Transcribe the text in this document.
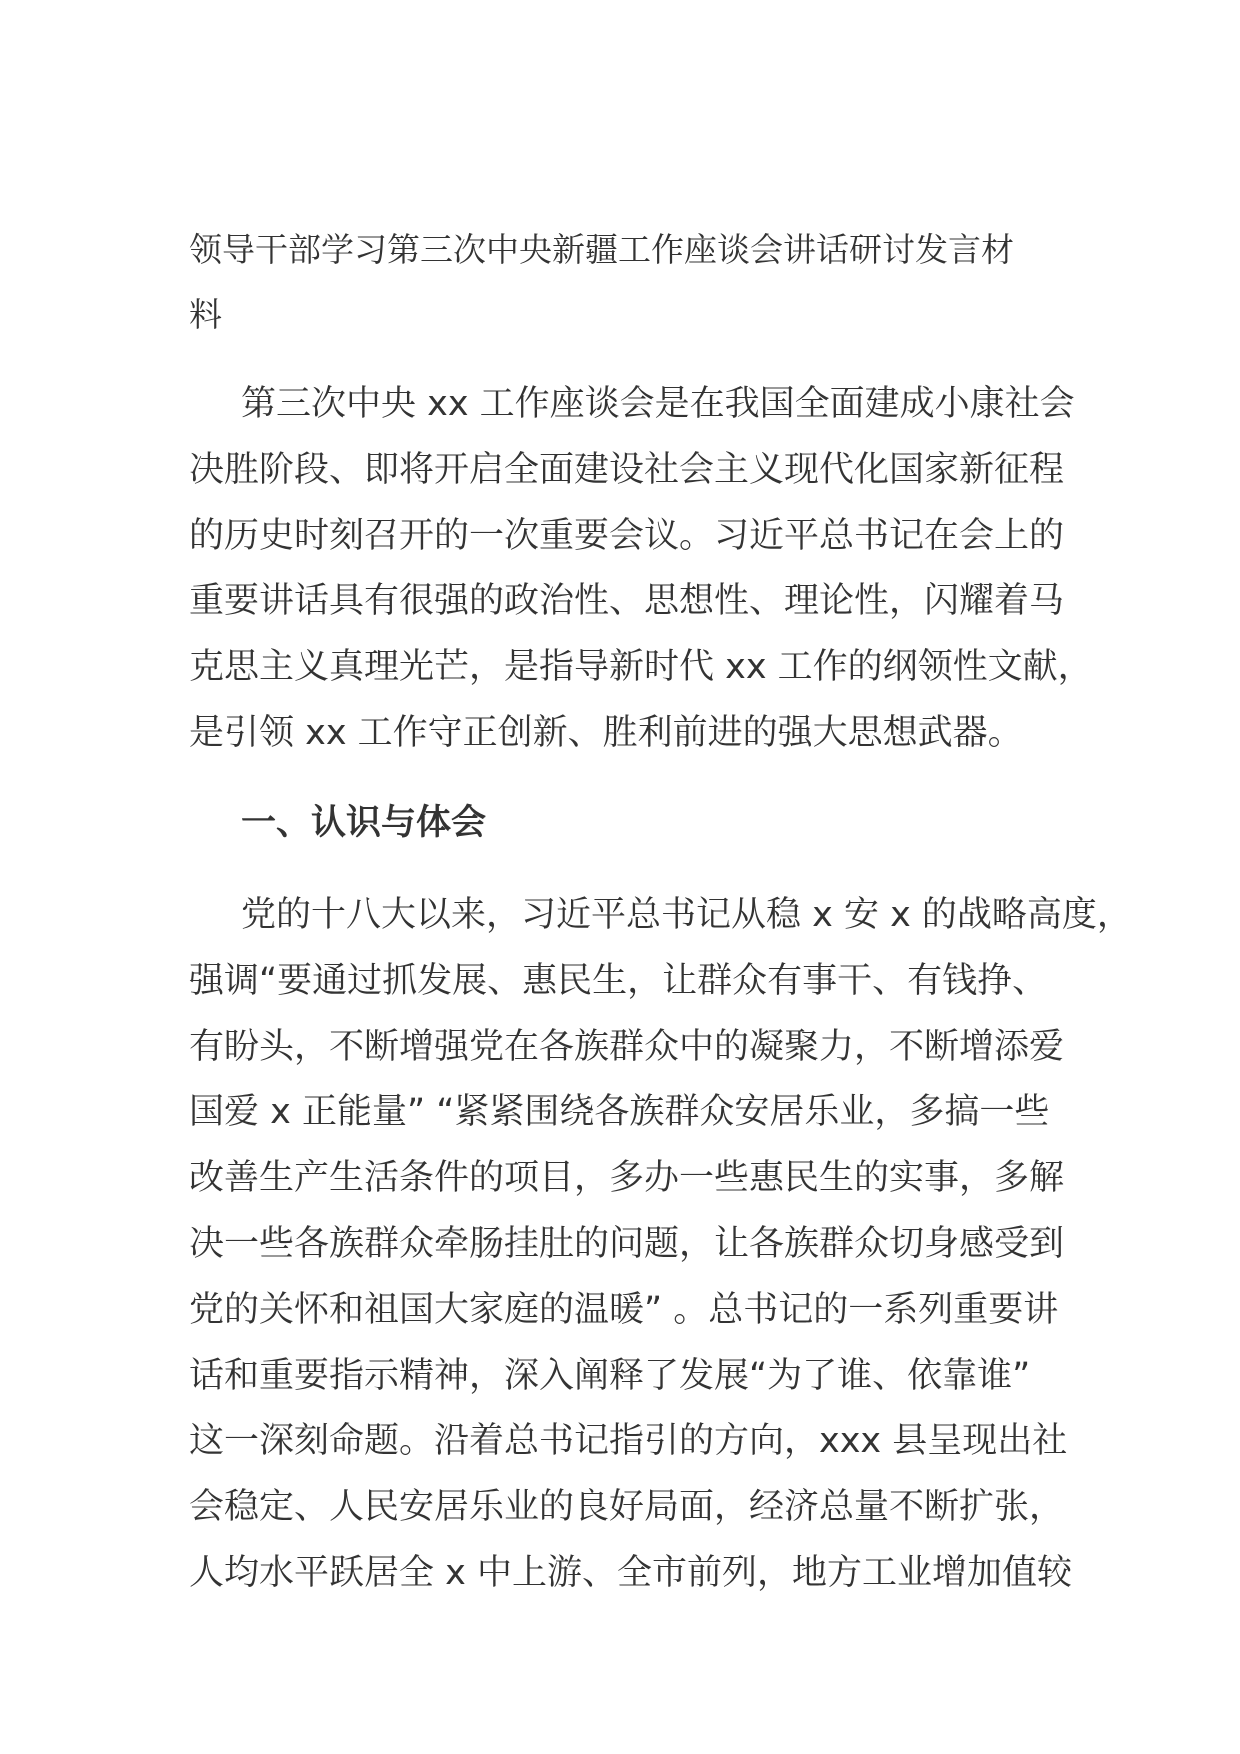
领导干部学习第三次中央新疆工作座谈会讲话研讨发言材
料
第三次中央 xx 工作座谈会是在我国全面建成小康社会
决胜阶段、即将开启全面建设社会主义现代化国家新征程
的历史时刻召开的一次重要会议。习近平总书记在会上的
重要讲话具有很强的政治性、思想性、理论性，闪耀着马
克思主义真理光芒，是指导新时代 xx 工作的纲领性文献，
是引领 xx 工作守正创新、胜利前进的强大思想武器。
一、认识与体会
党的十八大以来，习近平总书记从稳 x 安 x 的战略高度，
强调“要通过抓发展、惠民生，让群众有事干、有钱挣、
有盼头，不断增强党在各族群众中的凝聚力，不断增添爱
国爱 x 正能量” “紧紧围绕各族群众安居乐业，多搞一些
改善生产生活条件的项目，多办一些惠民生的实事，多解
决一些各族群众牵肠挂肚的问题，让各族群众切身感受到
党的关怀和祖国大家庭的温暖” 。总书记的一系列重要讲
话和重要指示精神，深入阐释了发展“为了谁、依靠谁”
这一深刻命题。沿着总书记指引的方向，xxx 县呈现出社
会稳定、人民安居乐业的良好局面，经济总量不断扩张，
人均水平跃居全 x 中上游、全市前列，地方工业增加值较
